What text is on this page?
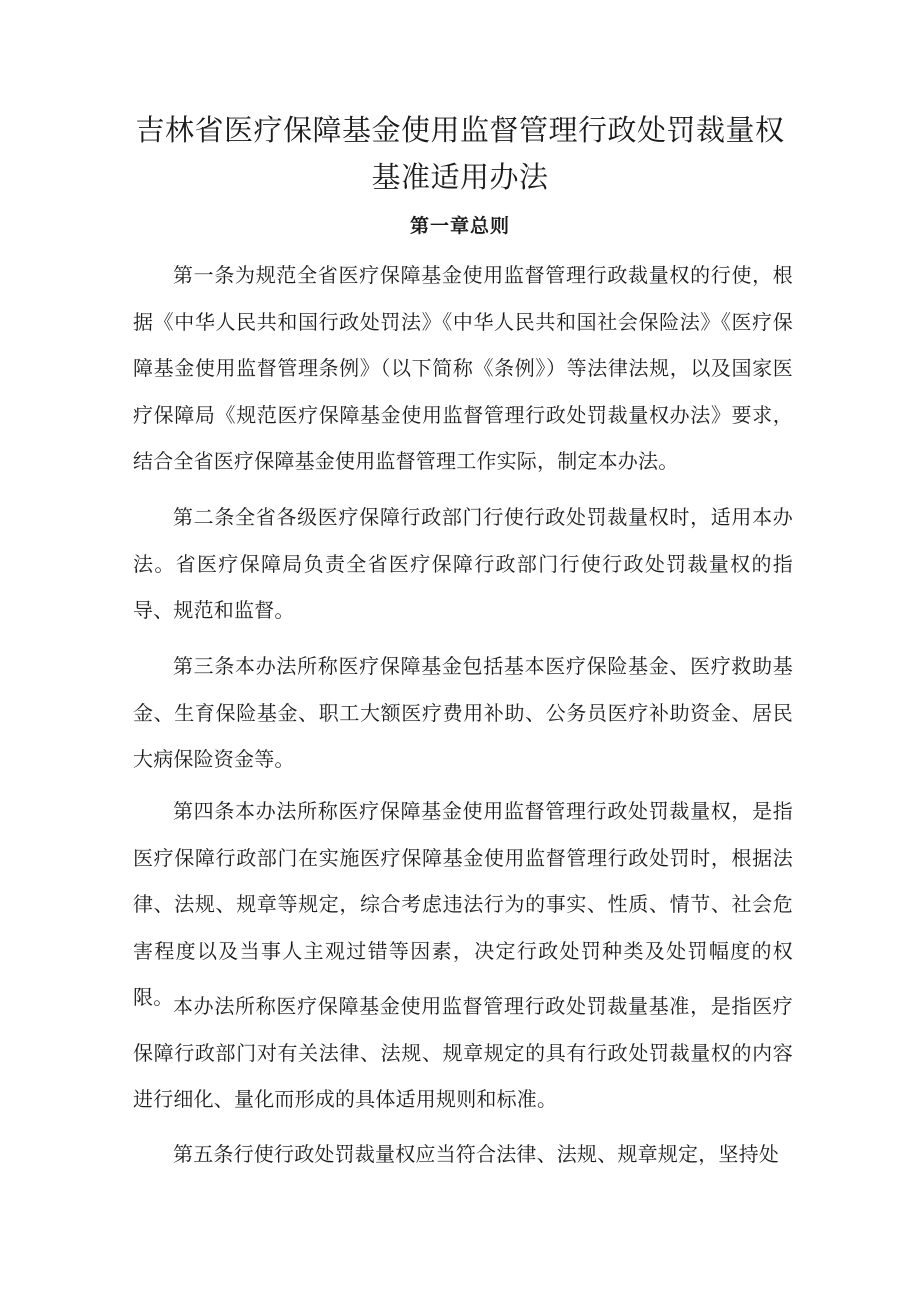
吉林省医疗保障基金使用监督管理行政处罚裁量权
基准适用办法
第一章总则

第一条为规范全省医疗保障基金使用监督管理行政裁量权的行使，根据《中华人民共和国行政处罚法》《中华人民共和国社会保险法》《医疗保障基金使用监督管理条例》（以下简称《条例》）等法律法规，以及国家医疗保障局《规范医疗保障基金使用监督管理行政处罚裁量权办法》要求，结合全省医疗保障基金使用监督管理工作实际，制定本办法。

第二条全省各级医疗保障行政部门行使行政处罚裁量权时，适用本办法。省医疗保障局负责全省医疗保障行政部门行使行政处罚裁量权的指导、规范和监督。

第三条本办法所称医疗保障基金包括基本医疗保险基金、医疗救助基金、生育保险基金、职工大额医疗费用补助、公务员医疗补助资金、居民大病保险资金等。

第四条本办法所称医疗保障基金使用监督管理行政处罚裁量权，是指医疗保障行政部门在实施医疗保障基金使用监督管理行政处罚时，根据法律、法规、规章等规定，综合考虑违法行为的事实、性质、情节、社会危害程度以及当事人主观过错等因素，决定行政处罚种类及处罚幅度的权限。 本办法所称医疗保障基金使用监督管理行政处罚裁量基准，是指医疗保障行政部门对有关法律、法规、规章规定的具有行政处罚裁量权的内容进行细化、量化而形成的具体适用规则和标准。

第五条行使行政处罚裁量权应当符合法律、法规、规章规定，坚持处
